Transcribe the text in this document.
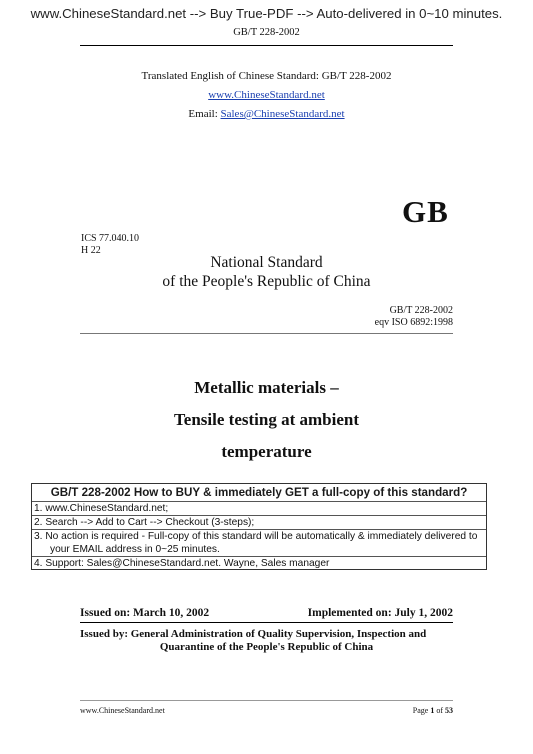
www.ChineseStandard.net --> Buy True-PDF --> Auto-delivered in 0~10 minutes.
GB/T 228-2002
Translated English of Chinese Standard: GB/T 228-2002
www.ChineseStandard.net
Email: Sales@ChineseStandard.net
GB
ICS 77.040.10
H 22
National Standard
of the People's Republic of China
GB/T 228-2002
eqv ISO 6892:1998
Metallic materials –
Tensile testing at ambient
temperature
GB/T 228-2002 How to BUY & immediately GET a full-copy of this standard?
1. www.ChineseStandard.net;
2. Search --> Add to Cart --> Checkout (3-steps);
3. No action is required - Full-copy of this standard will be automatically & immediately delivered to
your EMAIL address in 0~25 minutes.
4. Support: Sales@ChineseStandard.net. Wayne, Sales manager
Issued on: March 10, 2002	Implemented on: July 1, 2002
Issued by: General Administration of Quality Supervision, Inspection and
Quarantine of the People's Republic of China
www.ChineseStandard.net	Page 1 of 53
